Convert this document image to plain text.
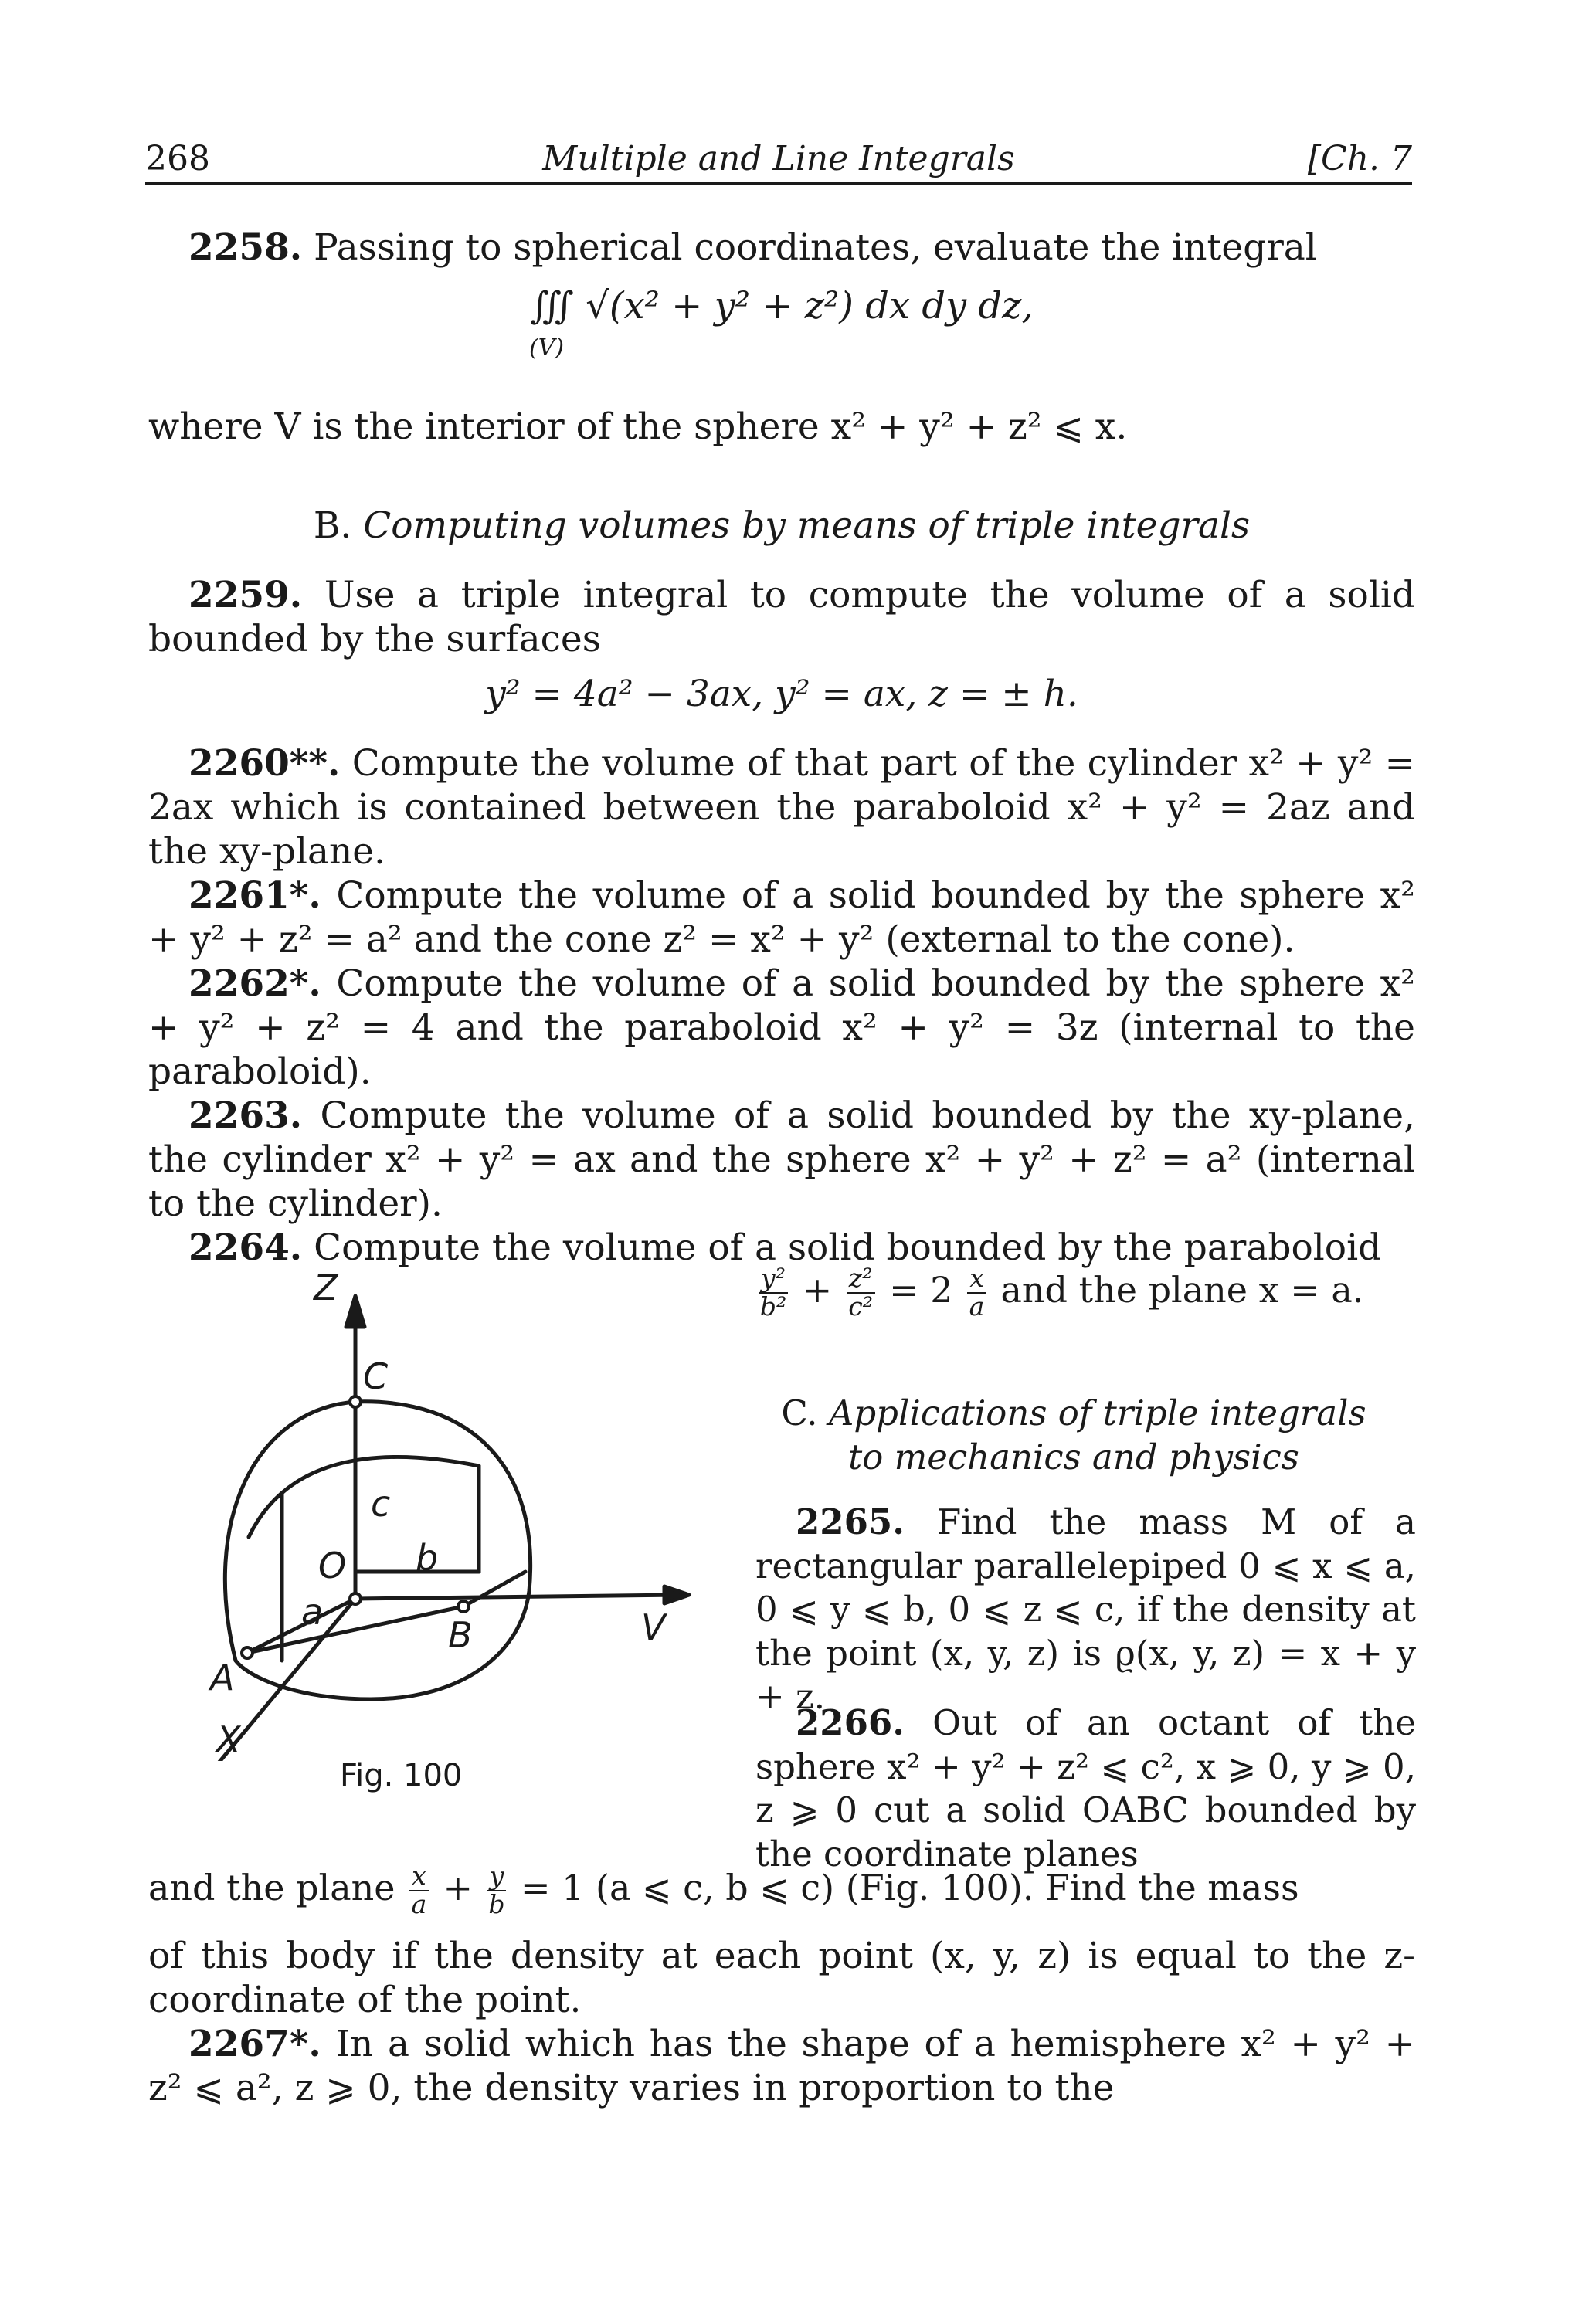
268	Multiple and Line Integrals	[Ch. 7
2258. Passing to spherical coordinates, evaluate the integral
∭ √(x² + y² + z²) dx dy dz,
(V)
where V is the interior of the sphere x² + y² + z² ⩽ x.
B. Computing volumes by means of triple integrals
2259. Use a triple integral to compute the volume of a solid bounded by the surfaces
y² = 4a² − 3ax, y² = ax, z = ± h.
2260**. Compute the volume of that part of the cylinder x² + y² = 2ax which is contained between the paraboloid x² + y² = 2az and the xy-plane.
2261*. Compute the volume of a solid bounded by the sphere x² + y² + z² = a² and the cone z² = x² + y² (external to the cone).
2262*. Compute the volume of a solid bounded by the sphere x² + y² + z² = 4 and the paraboloid x² + y² = 3z (internal to the paraboloid).
2263. Compute the volume of a solid bounded by the xy-plane, the cylinder x² + y² = ax and the sphere x² + y² + z² = a² (internal to the cylinder).
2264. Compute the volume of a solid bounded by the paraboloid
$\frac{\text{y²}}{\text{b²}} + \frac{\text{z²}}{\text{c²}} = 2 \frac{x}{a}$ and the plane x = a.
C. Applications of triple integrals
to mechanics and physics
2265. Find the mass M of a rectangular parallelepiped 0 ⩽ x ⩽ a, 0 ⩽ y ⩽ b, 0 ⩽ z ⩽ c, if the density at the point (x, y, z) is ϱ(x, y, z) = x + y + z.
2266. Out of an octant of the sphere x² + y² + z² ⩽ c², x ⩾ 0, y ⩾ 0, z ⩾ 0 cut a solid OABC bounded by the coordinate planes
and the plane $\frac{x}{a} + \frac{y}{b} = 1$ (a ⩽ c, b ⩽ c) (Fig. 100). Find the mass
of this body if the density at each point (x, y, z) is equal to the z-coordinate of the point.
2267*. In a solid which has the shape of a hemisphere x² + y² + z² ⩽ a², z ⩾ 0, the density varies in proportion to the
Z
X
V
C
O
A
B
a
b
c
Fig. 100
